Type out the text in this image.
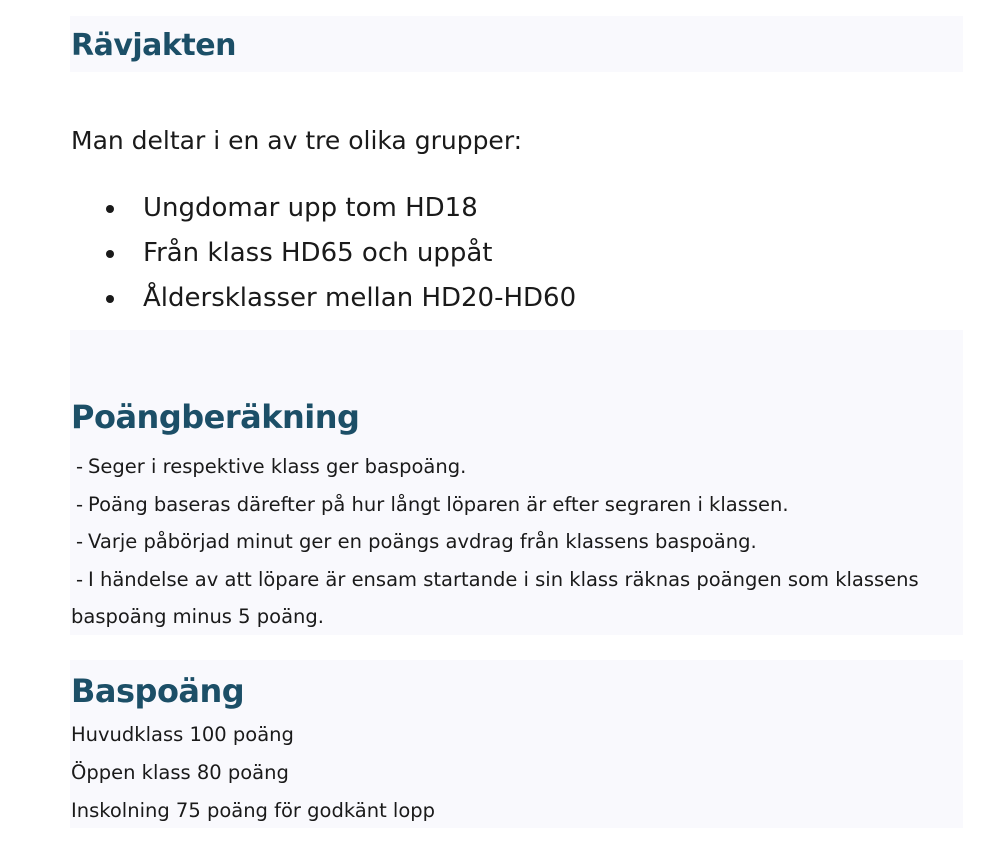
Rävjakten

Man deltar i en av tre olika grupper:

Ungdomar upp tom HD18
Från klass HD65 och uppåt
Åldersklasser mellan HD20-HD60
Poängberäkning
- Seger i respektive klass ger baspoäng.
- Poäng baseras därefter på hur långt löparen är efter segraren i klassen.
- Varje påbörjad minut ger en poängs avdrag från klassens baspoäng.
- I händelse av att löpare är ensam startande i sin klass räknas poängen som klassens baspoäng minus 5 poäng.
Baspoäng
Huvudklass 100 poäng
Öppen klass 80 poäng
Inskolning 75 poäng för godkänt lopp
